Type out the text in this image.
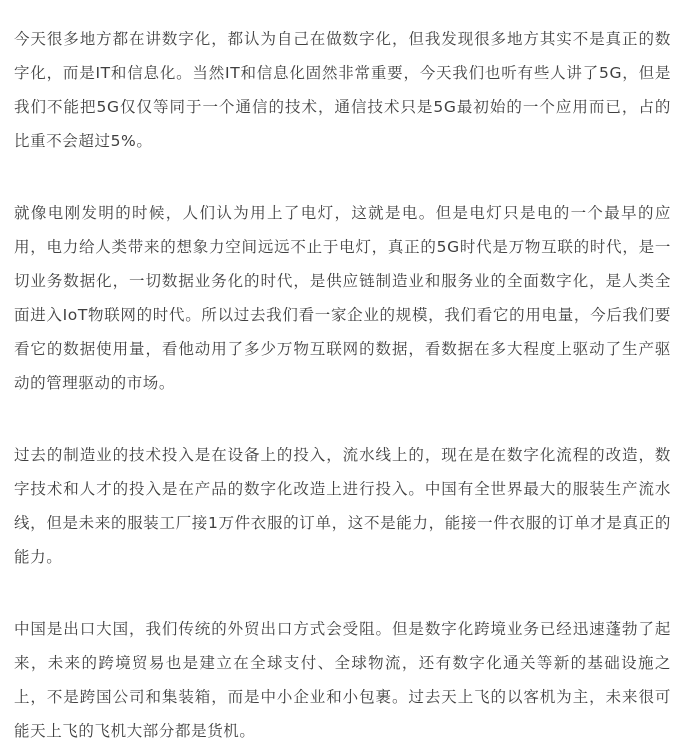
今天很多地方都在讲数字化，都认为自己在做数字化，但我发现很多地方其实不是真正的数字化，而是IT和信息化。当然IT和信息化固然非常重要，今天我们也听有些人讲了5G，但是我们不能把5G仅仅等同于一个通信的技术，通信技术只是5G最初始的一个应用而已，占的比重不会超过5%。

就像电刚发明的时候，人们认为用上了电灯，这就是电。但是电灯只是电的一个最早的应用，电力给人类带来的想象力空间远远不止于电灯，真正的5G时代是万物互联的时代，是一切业务数据化，一切数据业务化的时代，是供应链制造业和服务业的全面数字化，是人类全面进入IoT物联网的时代。所以过去我们看一家企业的规模，我们看它的用电量，今后我们要看它的数据使用量，看他动用了多少万物互联网的数据，看数据在多大程度上驱动了生产驱动的管理驱动的市场。

过去的制造业的技术投入是在设备上的投入，流水线上的，现在是在数字化流程的改造，数字技术和人才的投入是在产品的数字化改造上进行投入。中国有全世界最大的服装生产流水线，但是未来的服装工厂接1万件衣服的订单，这不是能力，能接一件衣服的订单才是真正的能力。

中国是出口大国，我们传统的外贸出口方式会受阻。但是数字化跨境业务已经迅速蓬勃了起来，未来的跨境贸易也是建立在全球支付、全球物流，还有数字化通关等新的基础设施之上，不是跨国公司和集装箱，而是中小企业和小包裹。过去天上飞的以客机为主，未来很可能天上飞的飞机大部分都是货机。
